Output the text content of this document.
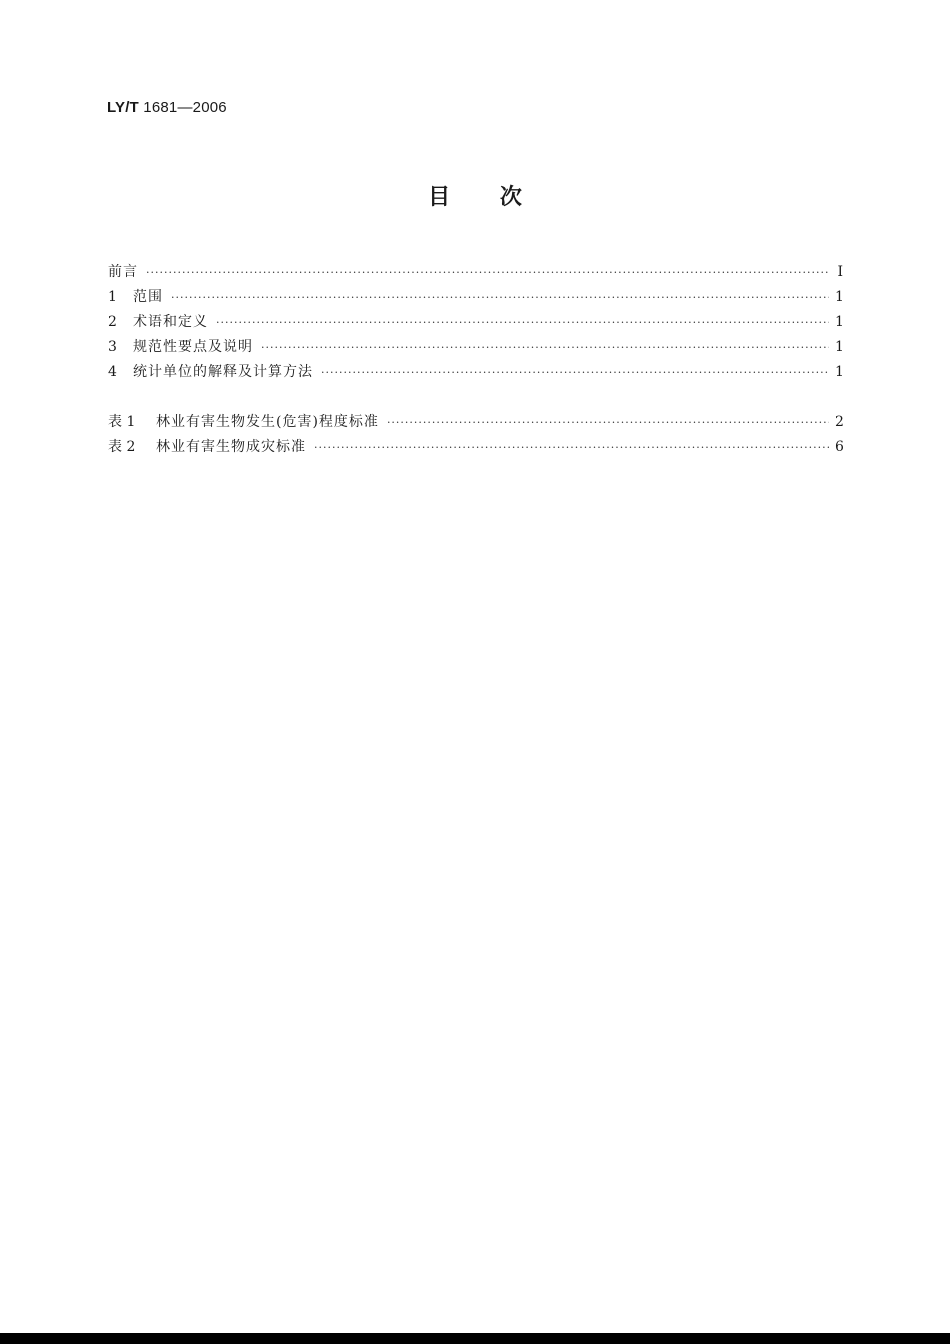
LY/T 1681—2006
目 次
前言 ·····	I
1	范围 ·····	1
2	术语和定义 ·····	1
3	规范性要点及说明 ·····	1
4	统计单位的解释及计算方法 ·····	1
表 1	林业有害生物发生(危害)程度标准 ·····	2
表 2	林业有害生物成灾标准 ·····	6
